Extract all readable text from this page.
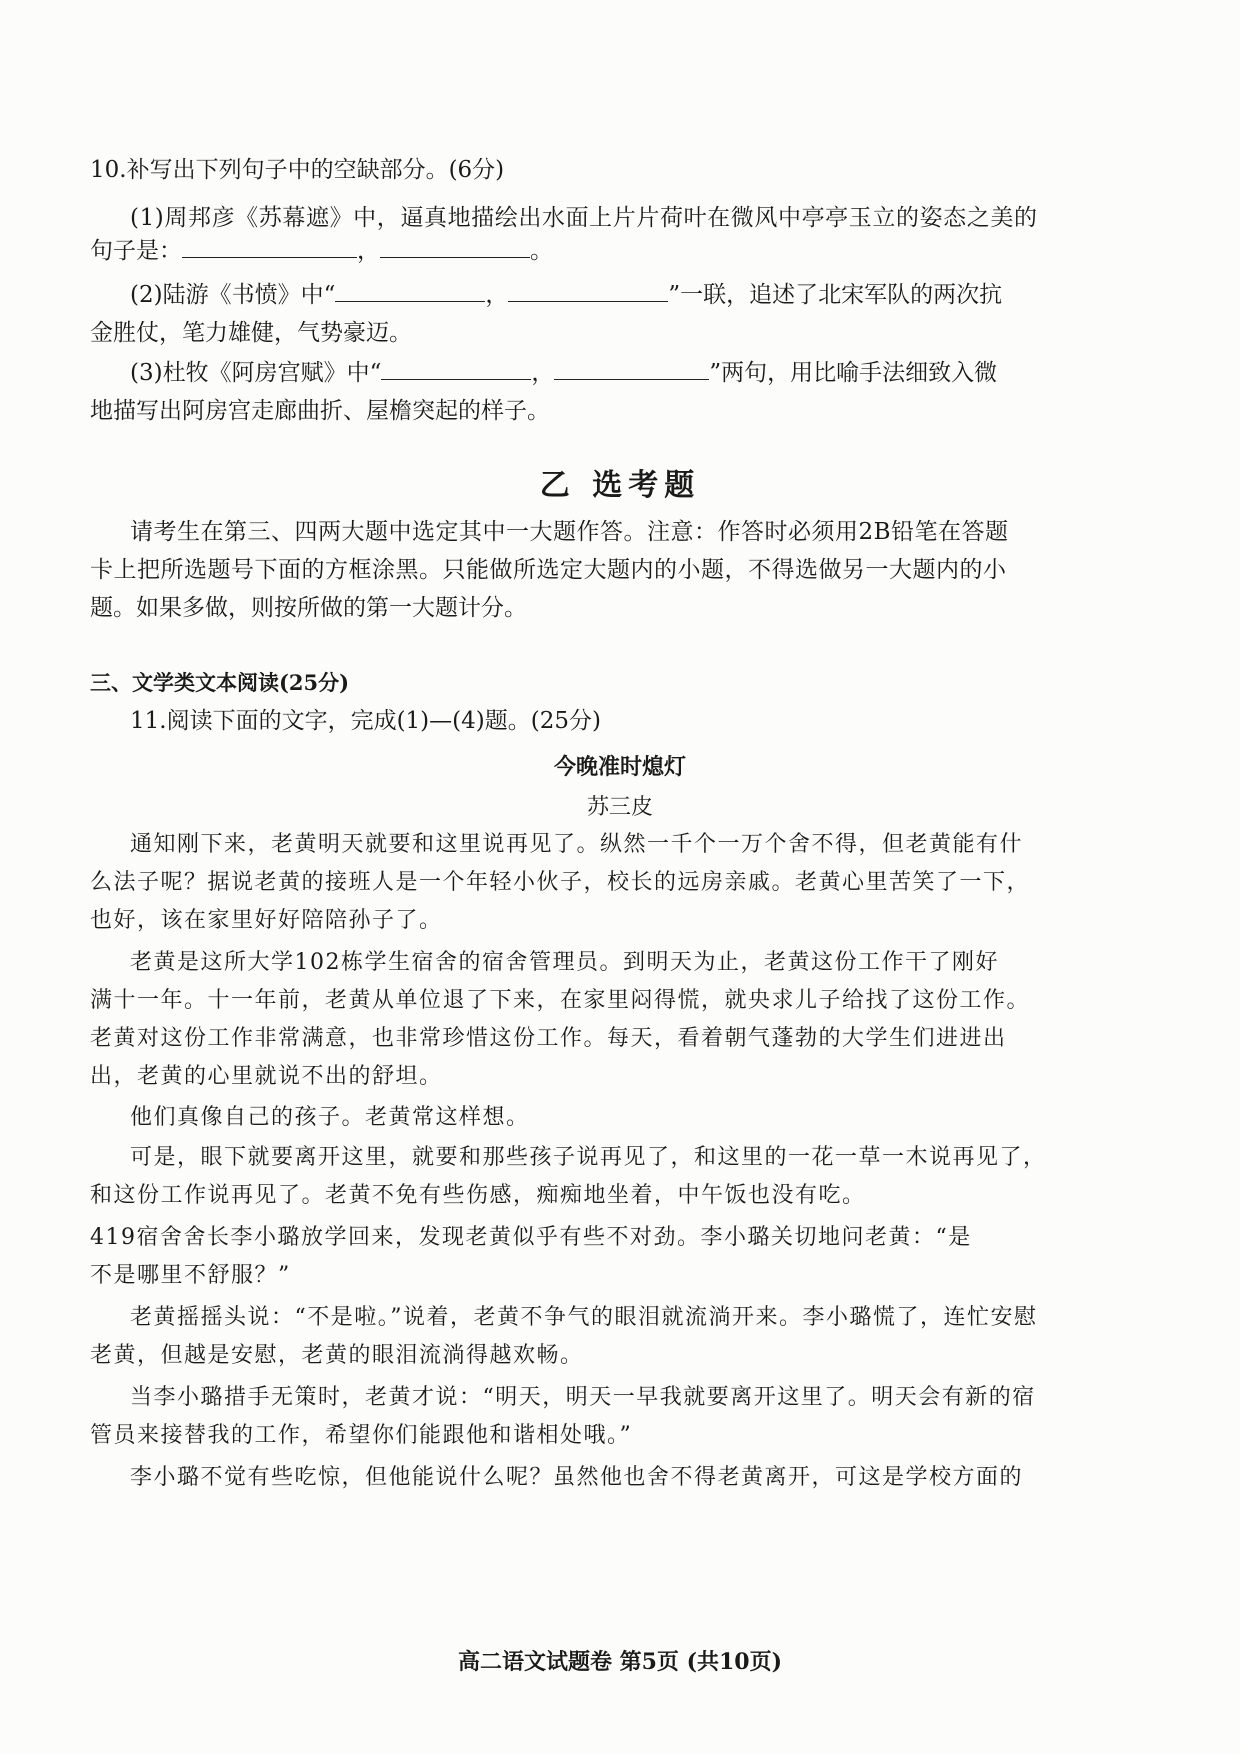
10.补写出下列句子中的空缺部分。(6分)
(1)周邦彦《苏幕遮》中，逼真地描绘出水面上片片荷叶在微风中亭亭玉立的姿态之美的
句子是：	，	。
(2)陆游《书愤》中“	，	”一联，追述了北宋军队的两次抗
金胜仗，笔力雄健，气势豪迈。
(3)杜牧《阿房宫赋》中“	，	”两句，用比喻手法细致入微
地描写出阿房宫走廊曲折、屋檐突起的样子。
乙 选考题
请考生在第三、四两大题中选定其中一大题作答。注意：作答时必须用2B铅笔在答题
卡上把所选题号下面的方框涂黑。只能做所选定大题内的小题，不得选做另一大题内的小
题。如果多做，则按所做的第一大题计分。
三、文学类文本阅读(25分)
11.阅读下面的文字，完成(1)—(4)题。(25分)
今晚准时熄灯
苏三皮
通知刚下来，老黄明天就要和这里说再见了。纵然一千个一万个舍不得，但老黄能有什
么法子呢？据说老黄的接班人是一个年轻小伙子，校长的远房亲戚。老黄心里苦笑了一下，
也好，该在家里好好陪陪孙子了。
老黄是这所大学102栋学生宿舍的宿舍管理员。到明天为止，老黄这份工作干了刚好
满十一年。十一年前，老黄从单位退了下来，在家里闷得慌，就央求儿子给找了这份工作。
老黄对这份工作非常满意，也非常珍惜这份工作。每天，看着朝气蓬勃的大学生们进进出
出，老黄的心里就说不出的舒坦。
他们真像自己的孩子。老黄常这样想。
可是，眼下就要离开这里，就要和那些孩子说再见了，和这里的一花一草一木说再见了，
和这份工作说再见了。老黄不免有些伤感，痴痴地坐着，中午饭也没有吃。
419宿舍舍长李小璐放学回来，发现老黄似乎有些不对劲。李小璐关切地问老黄：“是
不是哪里不舒服？”
老黄摇摇头说：“不是啦。”说着，老黄不争气的眼泪就流淌开来。李小璐慌了，连忙安慰
老黄，但越是安慰，老黄的眼泪流淌得越欢畅。
当李小璐措手无策时，老黄才说：“明天，明天一早我就要离开这里了。明天会有新的宿
管员来接替我的工作，希望你们能跟他和谐相处哦。”
李小璐不觉有些吃惊，但他能说什么呢？虽然他也舍不得老黄离开，可这是学校方面的
高二语文试题卷 第5页 (共10页)
